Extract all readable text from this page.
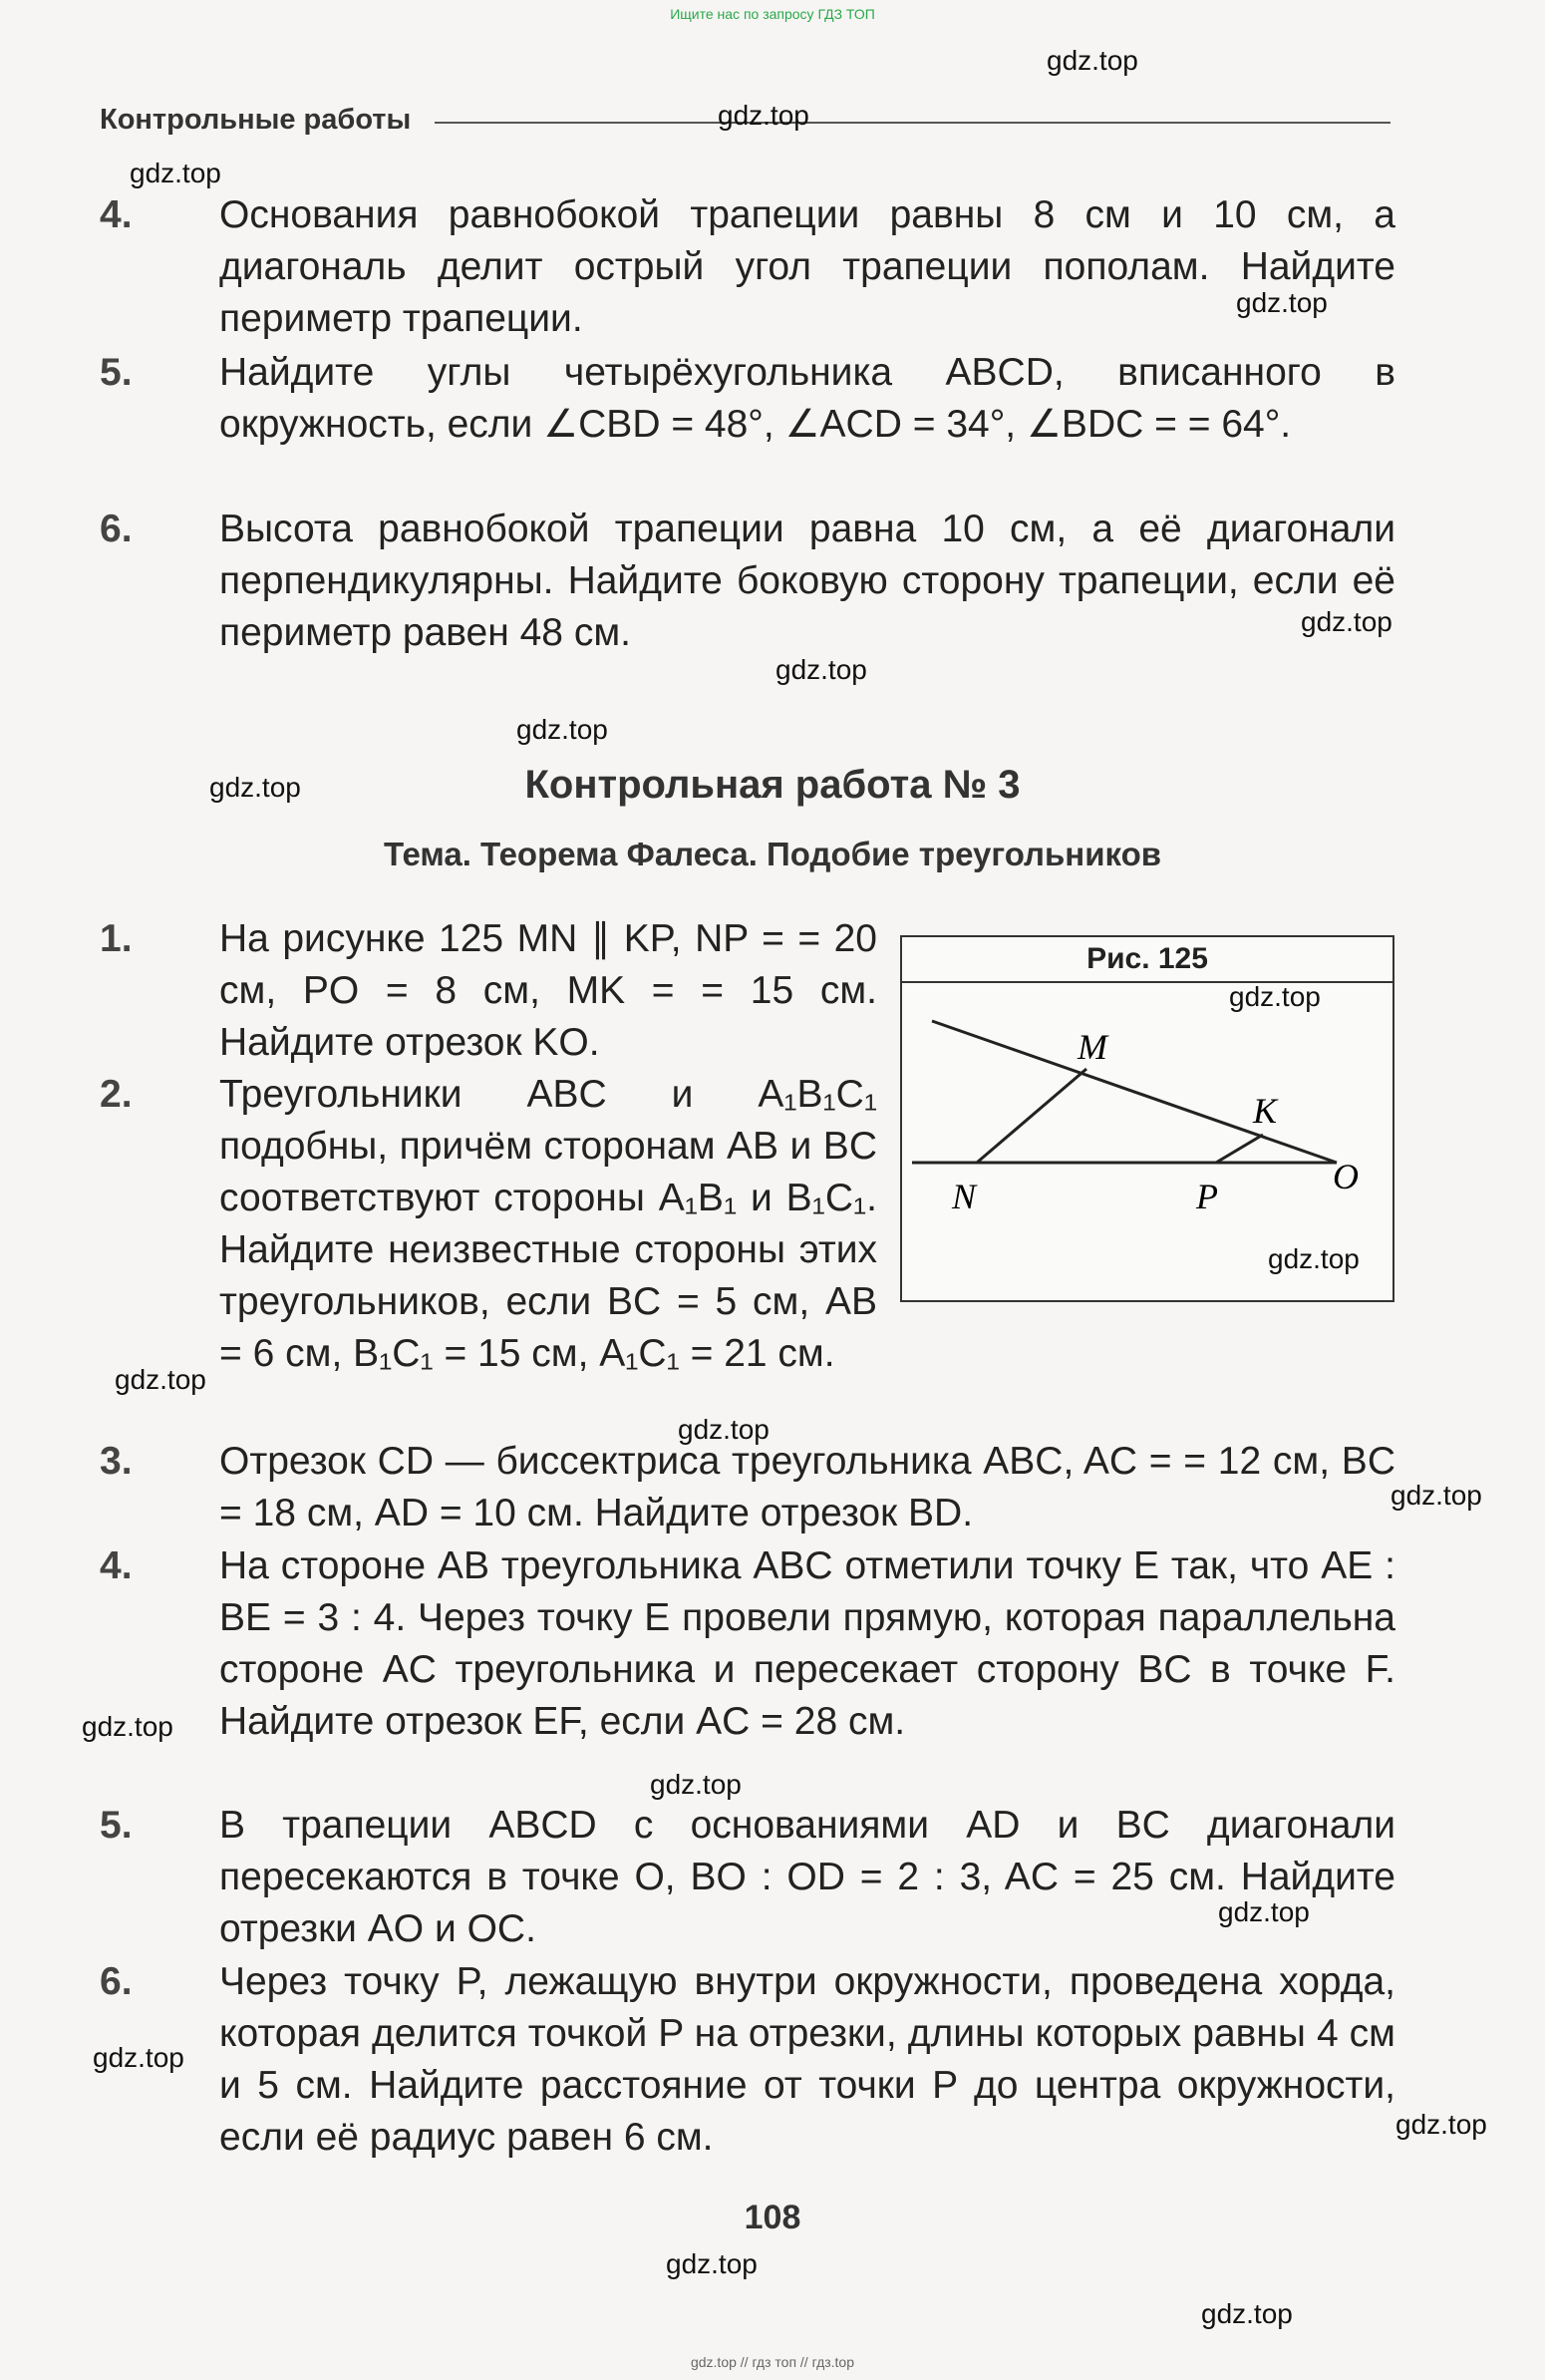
Ищите нас по запросу ГДЗ ТОП
Контрольные работы
4.	Основания равнобокой трапеции равны 8 см и 10 см, а диагональ делит острый угол трапеции пополам. Найдите периметр трапеции.
5.	Найдите углы четырёхугольника ABCD, вписанного в окружность, если ∠CBD = 48°, ∠ACD = 34°, ∠BDC = = 64°.
6.	Высота равнобокой трапеции равна 10 см, а её диагонали перпендикулярны. Найдите боковую сторону трапеции, если её периметр равен 48 см.
Контрольная работа № 3
Тема. Теорема Фалеса. Подобие треугольников
Рис. 125
M
K
N	P	O
1.	На рисунке 125 MN ∥ KP, NP = = 20 см, PO = 8 см, MK = = 15 см. Найдите отрезок KO.
2.	Треугольники ABC и A₁B₁C₁ подобны, причём сторонам AB и BC соответствуют стороны A₁B₁ и B₁C₁. Найдите неизвестные стороны этих треугольников, если BC = 5 см, AB = 6 см, B₁C₁ = 15 см, A₁C₁ = 21 см.
3.	Отрезок CD — биссектриса треугольника ABC, AC = = 12 см, BC = 18 см, AD = 10 см. Найдите отрезок BD.
4.	На стороне AB треугольника ABC отметили точку E так, что AE : BE = 3 : 4. Через точку E провели прямую, которая параллельна стороне AC треугольника и пересекает сторону BC в точке F. Найдите отрезок EF, если AC = 28 см.
5.	В трапеции ABCD с основаниями AD и BC диагонали пересекаются в точке O, BO : OD = 2 : 3, AC = 25 см. Найдите отрезки AO и OC.
6.	Через точку P, лежащую внутри окружности, проведена хорда, которая делится точкой P на отрезки, длины которых равны 4 см и 5 см. Найдите расстояние от точки P до центра окружности, если её радиус равен 6 см.
108
gdz.top
gdz.top
gdz.top
gdz.top
gdz.top
gdz.top
gdz.top
gdz.top
gdz.top
gdz.top
gdz.top
gdz.top
gdz.top
gdz.top
gdz.top
gdz.top
gdz.top
gdz.top
gdz.top
gdz.top
gdz.top // гдз топ // гдз.top
